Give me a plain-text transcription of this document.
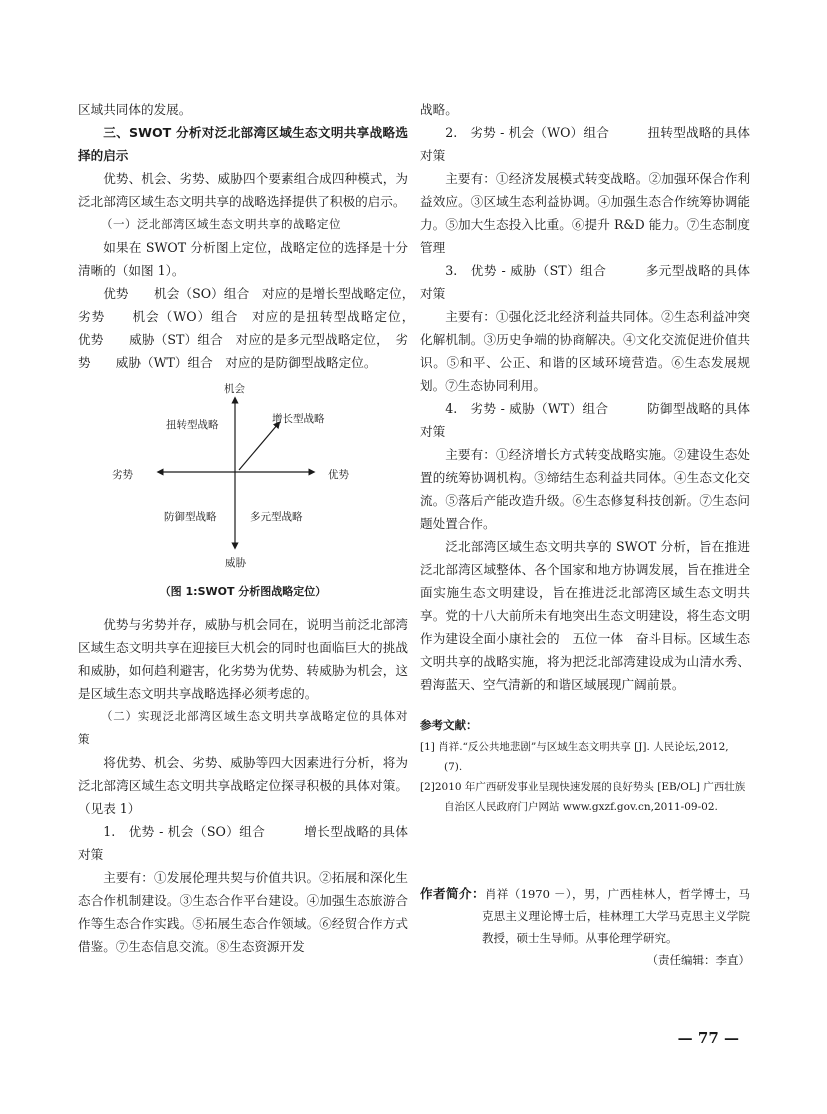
区域共同体的发展。

三、SWOT 分析对泛北部湾区域生态文明共享战略选择的启示

优势、机会、劣势、威胁四个要素组合成四种模式，为泛北部湾区域生态文明共享的战略选择提供了积极的启示。

（一）泛北部湾区域生态文明共享的战略定位

如果在 SWOT 分析图上定位，战略定位的选择是十分清晰的（如图 1）。

优势　　机会（SO）组合　对应的是增长型战略定位，　劣势　　机会（WO）组合　对应的是扭转型战略定位，　优势　　威胁（ST）组合　对应的是多元型战略定位，　劣势　　威胁（WT）组合　对应的是防御型战略定位。

机会
威胁
劣势	优势
扭转型战略	增长型战略
防御型战略	多元型战略

（图 1:SWOT 分析图战略定位）

优势与劣势并存，威胁与机会同在，说明当前泛北部湾区域生态文明共享在迎接巨大机会的同时也面临巨大的挑战和威胁，如何趋利避害，化劣势为优势、转威胁为机会，这是区域生态文明共享战略选择必须考虑的。

（二）实现泛北部湾区域生态文明共享战略定位的具体对策

将优势、机会、劣势、威胁等四大因素进行分析，将为泛北部湾区域生态文明共享战略定位探寻积极的具体对策。（见表 1）

1.　优势 - 机会（SO）组合　　　增长型战略的具体对策

主要有：①发展伦理共契与价值共识。②拓展和深化生态合作机制建设。③生态合作平台建设。④加强生态旅游合作等生态合作实践。⑤拓展生态合作领域。⑥经贸合作方式借鉴。⑦生态信息交流。⑧生态资源开发

战略。

2.　劣势 - 机会（WO）组合　　　扭转型战略的具体对策

主要有：①经济发展模式转变战略。②加强环保合作利益效应。③区域生态利益协调。④加强生态合作统筹协调能力。⑤加大生态投入比重。⑥提升 R&D 能力。⑦生态制度管理

3.　优势 - 威胁（ST）组合　　　多元型战略的具体对策

主要有：①强化泛北经济利益共同体。②生态利益冲突化解机制。③历史争端的协商解决。④文化交流促进价值共识。⑤和平、公正、和谐的区域环境营造。⑥生态发展规划。⑦生态协同利用。

4.　劣势 - 威胁（WT）组合　　　防御型战略的具体对策

主要有：①经济增长方式转变战略实施。②建设生态处置的统筹协调机构。③缔结生态利益共同体。④生态文化交流。⑤落后产能改造升级。⑥生态修复科技创新。⑦生态问题处置合作。

泛北部湾区域生态文明共享的 SWOT 分析，旨在推进泛北部湾区域整体、各个国家和地方协调发展，旨在推进全面实施生态文明建设，旨在推进泛北部湾区域生态文明共享。党的十八大前所未有地突出生态文明建设，将生态文明作为建设全面小康社会的　五位一体　奋斗目标。区域生态文明共享的战略实施，将为把泛北部湾建设成为山清水秀、碧海蓝天、空气清新的和谐区域展现广阔前景。

参考文献：

[1] 肖祥.“反公共地悲剧”与区域生态文明共享 [J]. 人民论坛,2012, (7).

[2]2010 年广西研发事业呈现快速发展的良好势头 [EB/OL] 广西壮族自治区人民政府门户网站 www.gxzf.gov.cn,2011-09-02.

作者简介：肖祥（1970 －），男，广西桂林人，哲学博士，马克思主义理论博士后，桂林理工大学马克思主义学院教授，硕士生导师。从事伦理学研究。

（责任编辑：李直）

— 77 —
